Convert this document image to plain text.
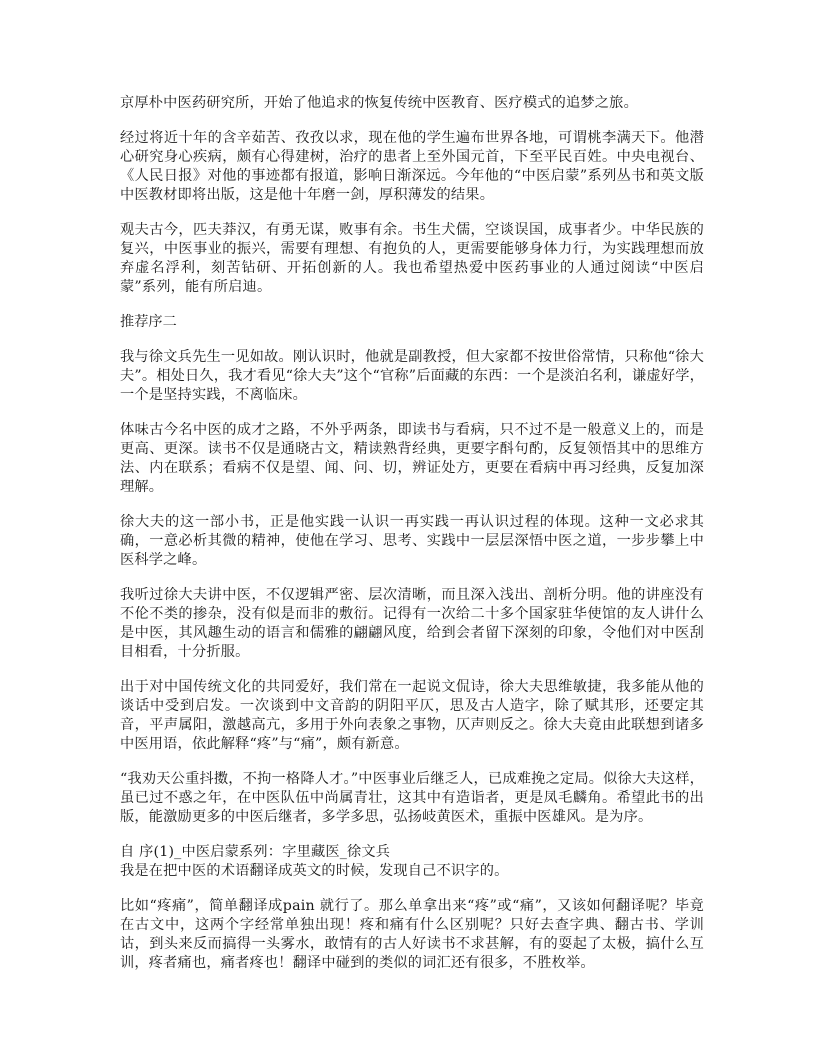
京厚朴中医药研究所，开始了他追求的恢复传统中医教育、医疗模式的追梦之旅。

经过将近十年的含辛茹苦、孜孜以求，现在他的学生遍布世界各地，可谓桃李满天下。他潜心研究身心疾病，颇有心得建树，治疗的患者上至外国元首，下至平民百姓。中央电视台、《人民日报》对他的事迹都有报道，影响日渐深远。今年他的“中医启蒙”系列丛书和英文版中医教材即将出版，这是他十年磨一剑，厚积薄发的结果。

观夫古今，匹夫莽汉，有勇无谋，败事有余。书生犬儒，空谈误国，成事者少。中华民族的复兴，中医事业的振兴，需要有理想、有抱负的人，更需要能够身体力行，为实践理想而放弃虚名浮利，刻苦钻研、开拓创新的人。我也希望热爱中医药事业的人通过阅读“中医启蒙”系列，能有所启迪。

推荐序二

我与徐文兵先生一见如故。刚认识时，他就是副教授，但大家都不按世俗常情，只称他“徐大夫”。相处日久，我才看见“徐大夫”这个“官称”后面藏的东西：一个是淡泊名利，谦虚好学，一个是坚持实践，不离临床。

体味古今名中医的成才之路，不外乎两条，即读书与看病，只不过不是一般意义上的，而是更高、更深。读书不仅是通晓古文，精读熟背经典，更要字酙句酌，反复领悟其中的思维方法、内在联系；看病不仅是望、闻、问、切，辨证处方，更要在看病中再习经典，反复加深理解。

徐大夫的这一部小书，正是他实践一认识一再实践一再认识过程的体现。这种一文必求其确，一意必析其微的精神，使他在学习、思考、实践中一层层深悟中医之道，一步步攀上中医科学之峰。

我听过徐大夫讲中医，不仅逻辑严密、层次清晰，而且深入浅出、剖析分明。他的讲座没有不伦不类的掺杂，没有似是而非的敷衍。记得有一次给二十多个国家驻华使馆的友人讲什么是中医，其风趣生动的语言和儒雅的翩翩风度，给到会者留下深刻的印象，令他们对中医刮目相看，十分折服。

出于对中国传统文化的共同爱好，我们常在一起说文侃诗，徐大夫思维敏捷，我多能从他的谈话中受到启发。一次谈到中文音韵的阴阳平仄，思及古人造字，除了赋其形，还要定其音，平声属阳，激越高亢，多用于外向表象之事物，仄声则反之。徐大夫竟由此联想到诸多中医用语，依此解释“疼”与“痛”，颇有新意。

“我劝天公重抖擞，不拘一格降人才。”中医事业后继乏人，已成难挽之定局。似徐大夫这样，虽已过不惑之年，在中医队伍中尚属青壮，这其中有造诣者，更是凤毛麟角。希望此书的出版，能激励更多的中医后继者，多学多思，弘扬岐黄医术，重振中医雄风。是为序。

自 序(1)_中医启蒙系列：字里藏医_徐文兵

我是在把中医的术语翻译成英文的时候，发现自己不识字的。

比如“疼痛”，简单翻译成pain 就行了。那么单拿出来“疼”或“痛”，又该如何翻译呢？毕竟在古文中，这两个字经常单独出现！疼和痛有什么区别呢？只好去查字典、翻古书、学训诂，到头来反而搞得一头雾水，敢情有的古人好读书不求甚解，有的耍起了太极，搞什么互训，疼者痛也，痛者疼也！翻译中碰到的类似的词汇还有很多，不胜枚举。
